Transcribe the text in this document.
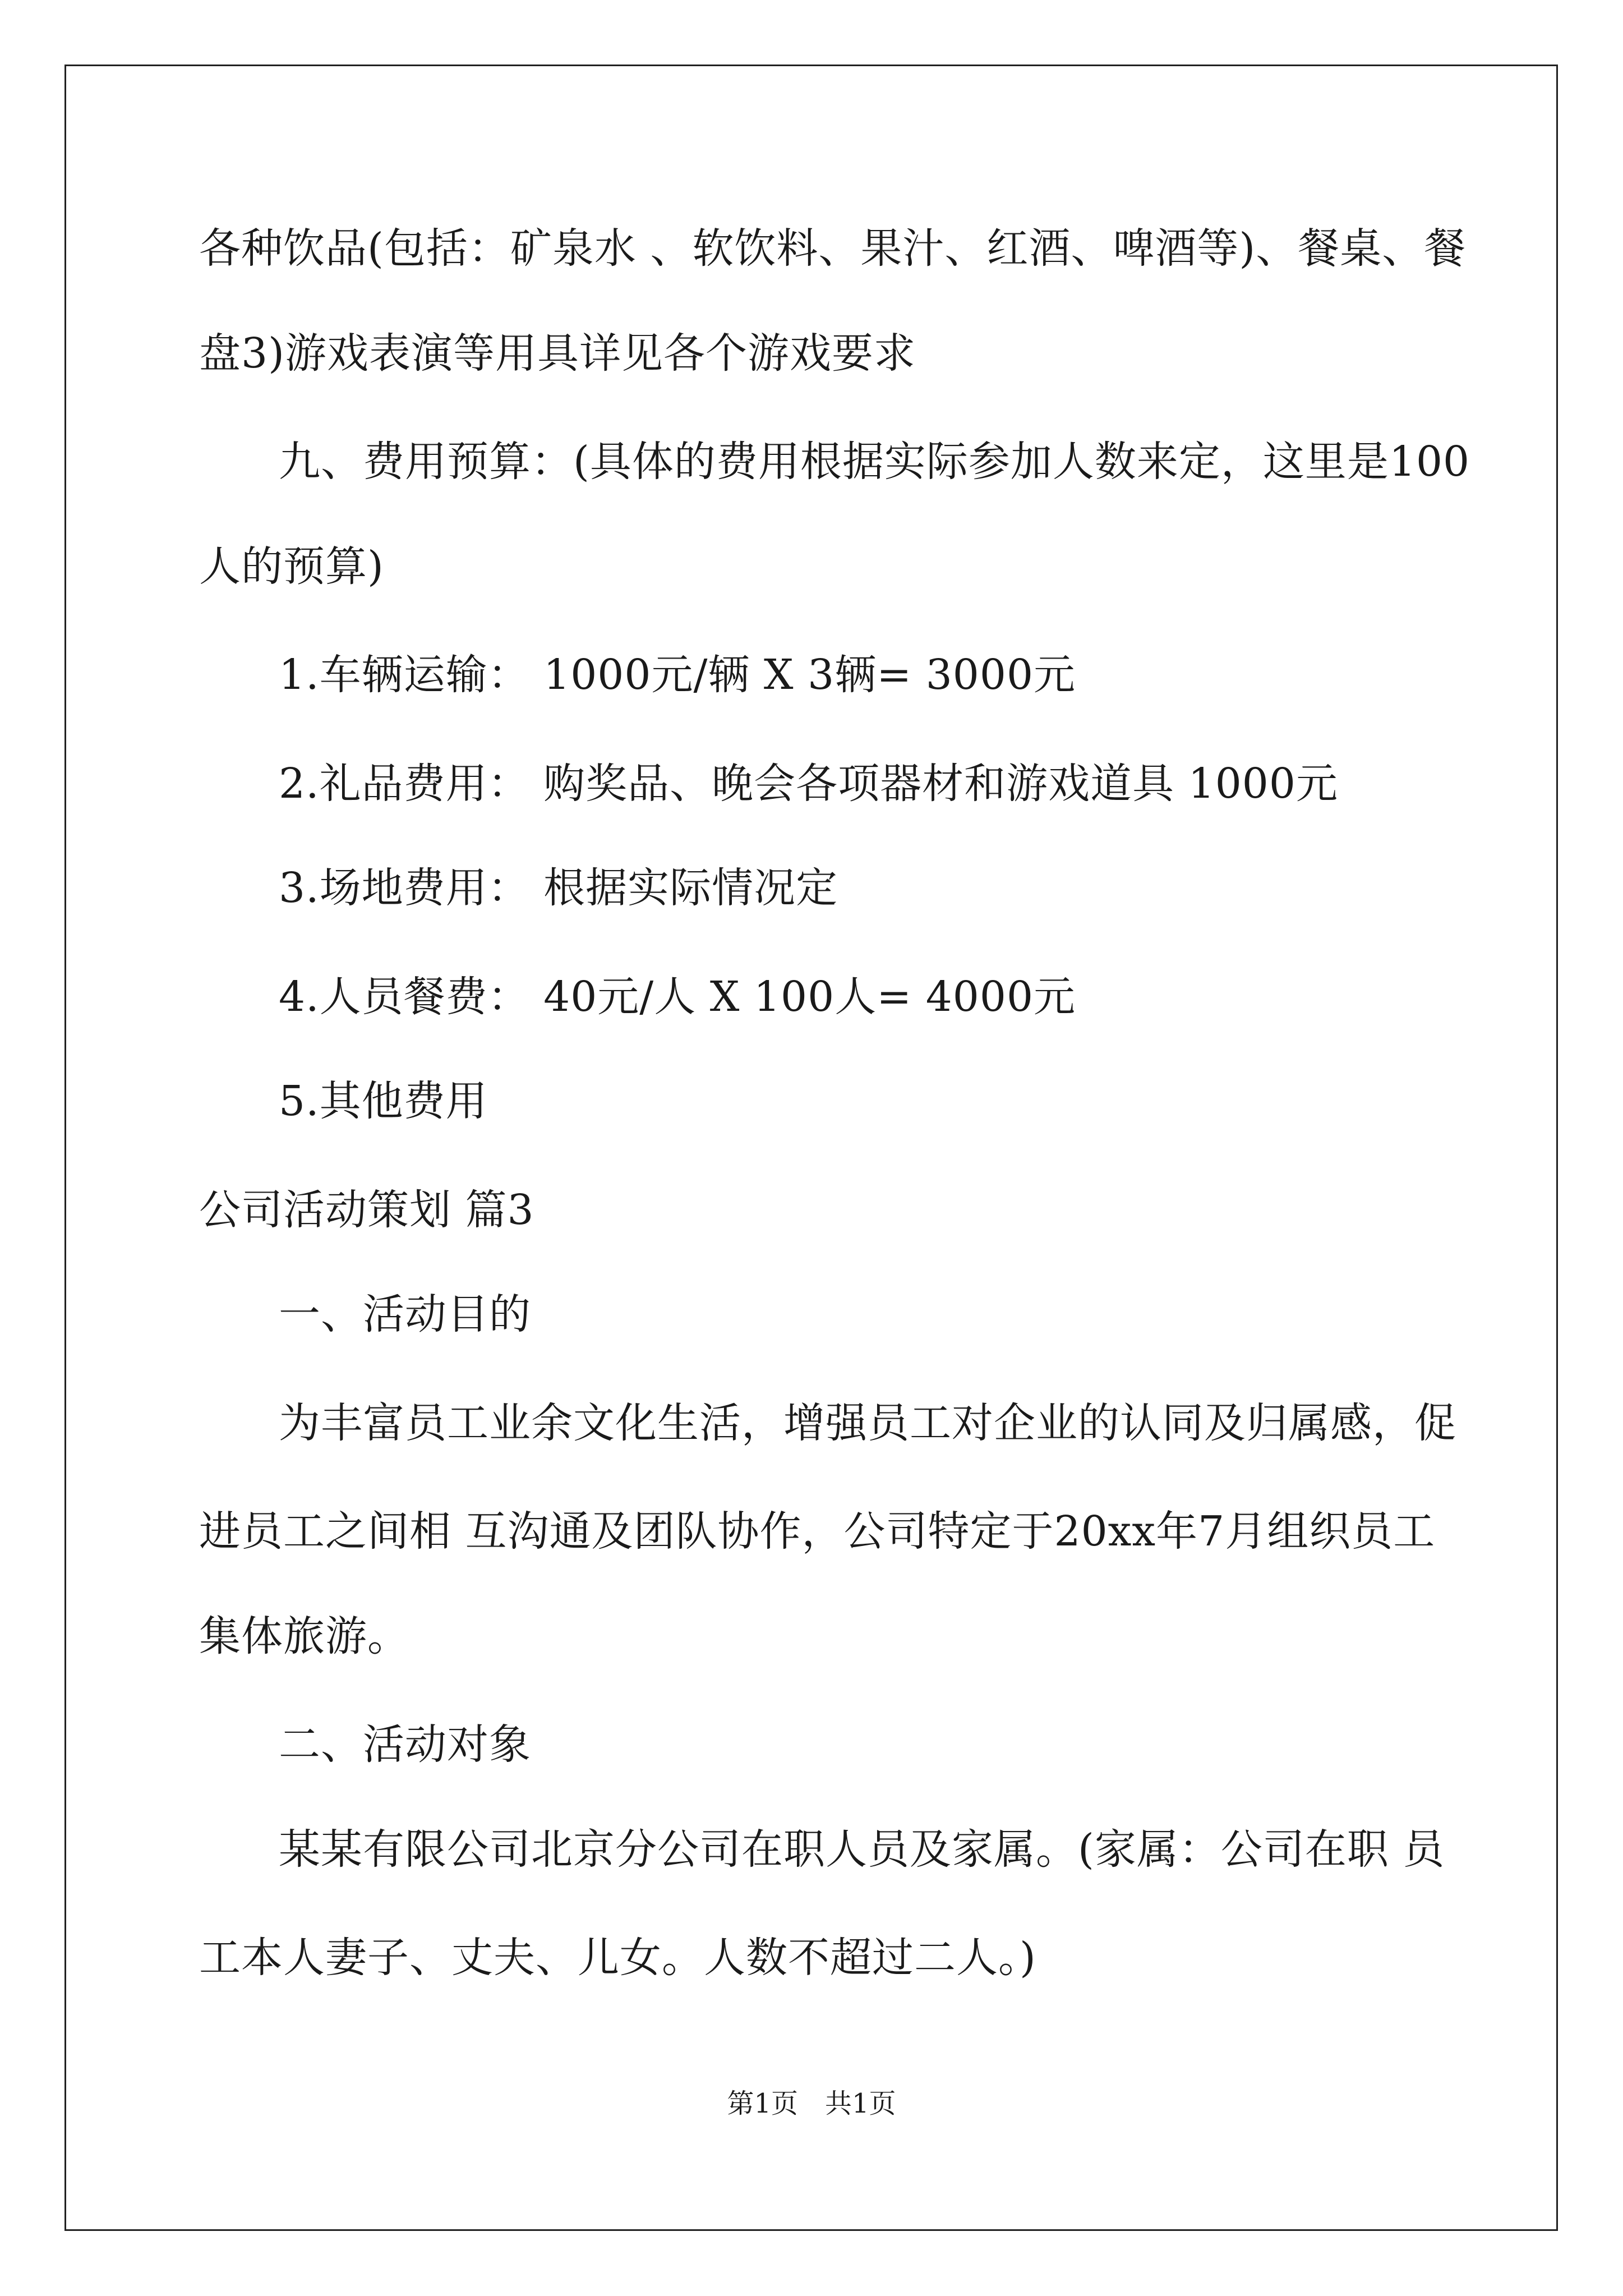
各种饮品(包括：矿泉水 、软饮料、果汁、红酒、啤酒等)、餐桌、餐
盘3)游戏表演等用具详见各个游戏要求
九、费用预算：(具体的费用根据实际参加人数来定，这里是100
人的预算)
1.车辆运输： 1000元/辆 X 3辆= 3000元
2.礼品费用： 购奖品、晚会各项器材和游戏道具 1000元
3.场地费用： 根据实际情况定
4.人员餐费： 40元/人 X 100人= 4000元
5.其他费用
公司活动策划 篇3
一、活动目的
为丰富员工业余文化生活，增强员工对企业的认同及归属感，促
进员工之间相 互沟通及团队协作，公司特定于20xx年7月组织员工
集体旅游。
二、活动对象
某某有限公司北京分公司在职人员及家属。(家属：公司在职 员
工本人妻子、丈夫、儿女。人数不超过二人。)
第1页　共1页
